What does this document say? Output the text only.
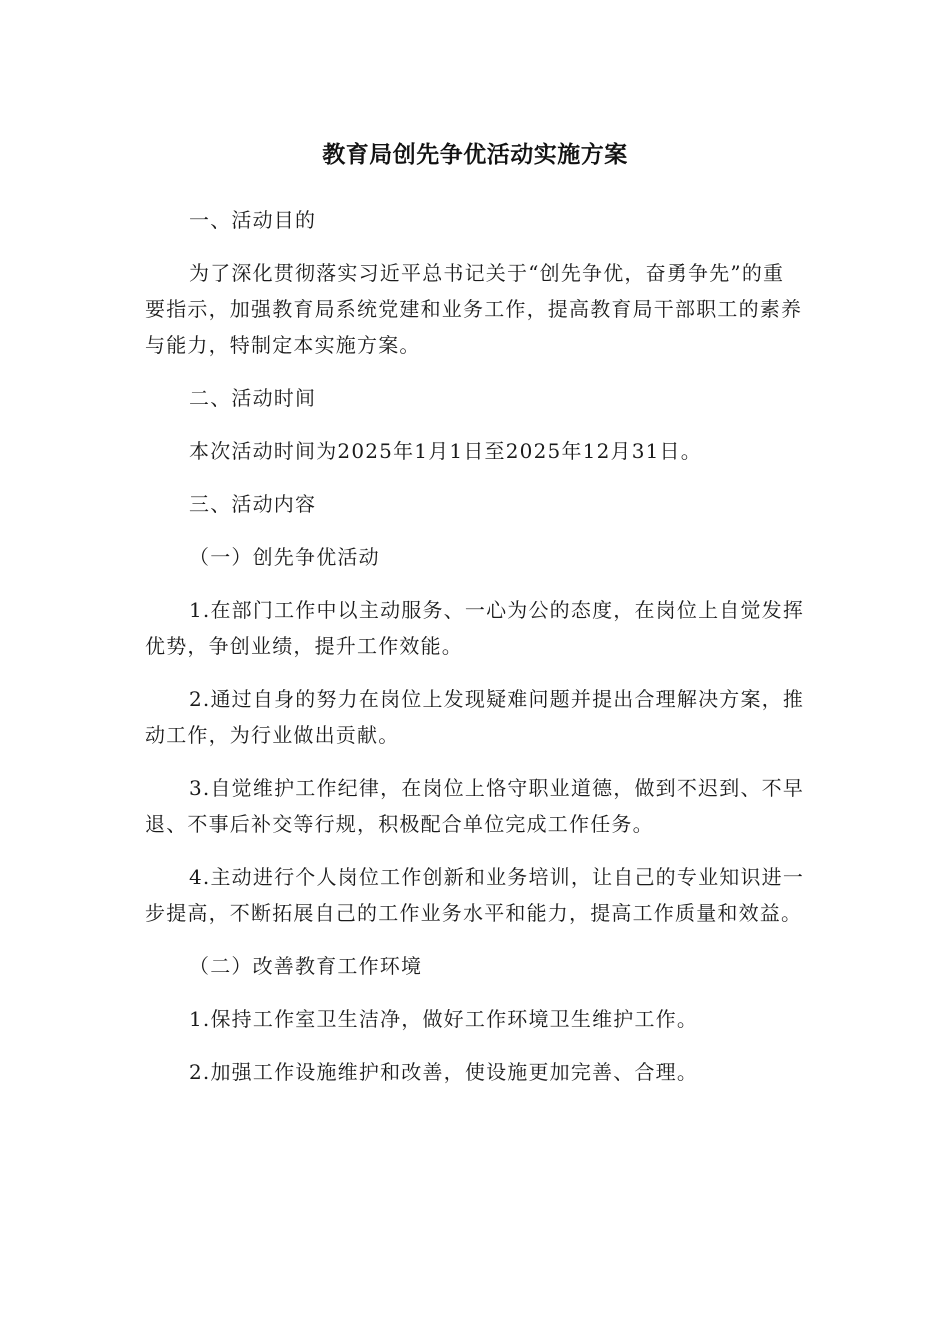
教育局创先争优活动实施方案

一、活动目的

为了深化贯彻落实习近平总书记关于“创先争优，奋勇争先”的重要指示，加强教育局系统党建和业务工作，提高教育局干部职工的素养与能力，特制定本实施方案。

二、活动时间

本次活动时间为2025年1月1日至2025年12月31日。

三、活动内容

（一）创先争优活动

1.在部门工作中以主动服务、一心为公的态度，在岗位上自觉发挥优势，争创业绩，提升工作效能。

2.通过自身的努力在岗位上发现疑难问题并提出合理解决方案，推动工作，为行业做出贡献。

3.自觉维护工作纪律，在岗位上恪守职业道德，做到不迟到、不早退、不事后补交等行规，积极配合单位完成工作任务。

4.主动进行个人岗位工作创新和业务培训，让自己的专业知识进一步提高，不断拓展自己的工作业务水平和能力，提高工作质量和效益。

（二）改善教育工作环境

1.保持工作室卫生洁净，做好工作环境卫生维护工作。

2.加强工作设施维护和改善，使设施更加完善、合理。
